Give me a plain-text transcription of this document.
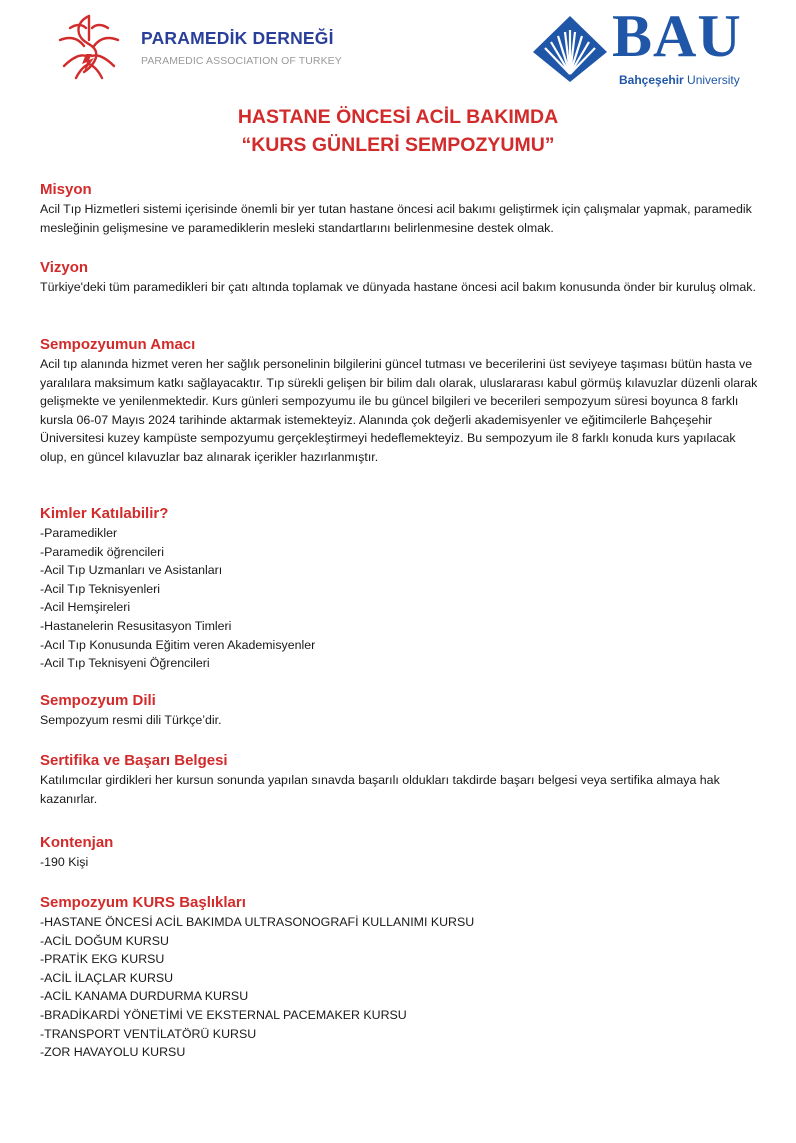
PARAMEDİK DERNEĞİ
PARAMEDIC ASSOCIATION OF TURKEY	BAU
Bahçeşehir University
HASTANE ÖNCESİ ACİL BAKIMDA
“KURS GÜNLERİ SEMPOZYUMU”
Misyon

Acil Tıp Hizmetleri sistemi içerisinde önemli bir yer tutan hastane öncesi acil bakımı geliştirmek için çalışmalar yapmak, paramedik mesleğinin gelişmesine ve paramediklerin mesleki standartlarını belirlenmesine destek olmak.

Vizyon

Türkiye'deki tüm paramedikleri bir çatı altında toplamak ve dünyada hastane öncesi acil bakım konusunda önder bir kuruluş olmak.

Sempozyumun Amacı

Acil tıp alanında hizmet veren her sağlık personelinin bilgilerini güncel tutması ve becerilerini üst seviyeye taşıması bütün hasta ve yaralılara maksimum katkı sağlayacaktır. Tıp sürekli gelişen bir bilim dalı olarak, uluslararası kabul görmüş kılavuzlar düzenli olarak gelişmekte ve yenilenmektedir. Kurs günleri sempozyumu ile bu güncel bilgileri ve becerileri sempozyum süresi boyunca 8 farklı kursla 06-07 Mayıs 2024 tarihinde aktarmak istemekteyiz. Alanında çok değerli akademisyenler ve eğitimcilerle Bahçeşehir Üniversitesi kuzey kampüste sempozyumu gerçekleştirmeyi hedeflemekteyiz. Bu sempozyum ile 8 farklı konuda kurs yapılacak olup, en güncel kılavuzlar baz alınarak içerikler hazırlanmıştır.

Kimler Katılabilir?
-Paramedikler
-Paramedik öğrencileri
-Acil Tıp Uzmanları ve Asistanları
-Acil Tıp Teknisyenleri
-Acil Hemşireleri
-Hastanelerin Resusitasyon Timleri
-Acıl Tıp Konusunda Eğitim veren Akademisyenler
-Acil Tıp Teknisyeni Öğrencileri
Sempozyum Dili

Sempozyum resmi dili Türkçe’dir.

Sertifika ve Başarı Belgesi

Katılımcılar girdikleri her kursun sonunda yapılan sınavda başarılı oldukları takdirde başarı belgesi veya sertifika almaya hak kazanırlar.

Kontenjan

-190 Kişi

Sempozyum KURS Başlıkları
-HASTANE ÖNCESİ ACİL BAKIMDA ULTRASONOGRAFİ KULLANIMI KURSU
-ACİL DOĞUM KURSU
-PRATİK EKG KURSU
-ACİL İLAÇLAR KURSU
-ACİL KANAMA DURDURMA KURSU
-BRADİKARDİ YÖNETİMİ VE EKSTERNAL PACEMAKER KURSU
-TRANSPORT VENTİLATÖRÜ KURSU
-ZOR HAVAYOLU KURSU
